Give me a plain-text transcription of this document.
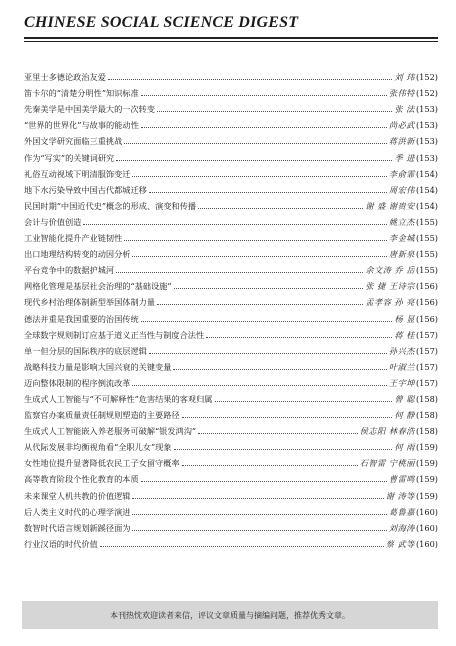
CHINESE SOCIAL SCIENCE DIGEST
亚里士多德论政治友爱	刘 玮 (152)
笛卡尔的“清楚分明性”知识标准	张伟特 (152)
先秦美学是中国美学最大的一次转变	张 法 (153)
“世界的世界化”与故事的能动性	尚必武 (153)
外国文学研究面临三重挑战	蒋洪新 (153)
作为“写实”的关键词研究	季 进 (153)
礼俗互动视域下明清服饰变迁	李俞霏 (154)
地下水污染导致中国古代都城迁移	周宏伟 (154)
民国时期“中国近代史”概念的形成、演变和传播	谢 盛 谢贵安 (154)
会计与价值创造	姚立杰 (155)
工业智能化提升产业链韧性	李金城 (155)
出口地理结构转变的动因分析	唐新泉 (155)
平台竞争中的数据护城河	余文涛 乔 岳 (155)
网格化管理是基层社会治理的“基础设施”	张 捷 王诗宗 (156)
现代乡村治理体制新型举国体制力量	孟孝容 孙 亮 (156)
德法并重是我国重要的治国传统	杨 显 (156)
全球数字规则制订应基于道义正当性与制度合法性	蒋 桂 (157)
单一但分层的国际秩序的底层逻辑	孙兴杰 (157)
战略科技力量是影响大国兴衰的关键变量	叶淑兰 (157)
迈向整体限制的程序倒流改革	王宇坤 (157)
生成式人工智能与“不可解释性”危害结果的客观归属	曾 聪 (158)
监察官办案质量责任制规则塑造的主要路径	何 静 (158)
生成式人工智能嵌入养老服务可破解“银发鸿沟”	侯志阳 林春浩 (158)
从代际发展非均衡视角看“全职儿女”现象	何 雨 (159)
女性地位提升显著降低农民工子女留守概率	石智雷 宁桃丽 (159)
高等教育阶段个性化教育的本质	曹雷鸣 (159)
未来课堂人机共教的价值逻辑	谢 涛等 (159)
后人类主义时代的心理学演进	葛鲁嘉 (160)
数智时代语言规划新蹊径面为	刘海涛 (160)
行业汉语的时代价值	蔡 武等 (160)
本刊热忱欢迎读者来信，评议文章质量与摘编问题，推荐优秀文章。
